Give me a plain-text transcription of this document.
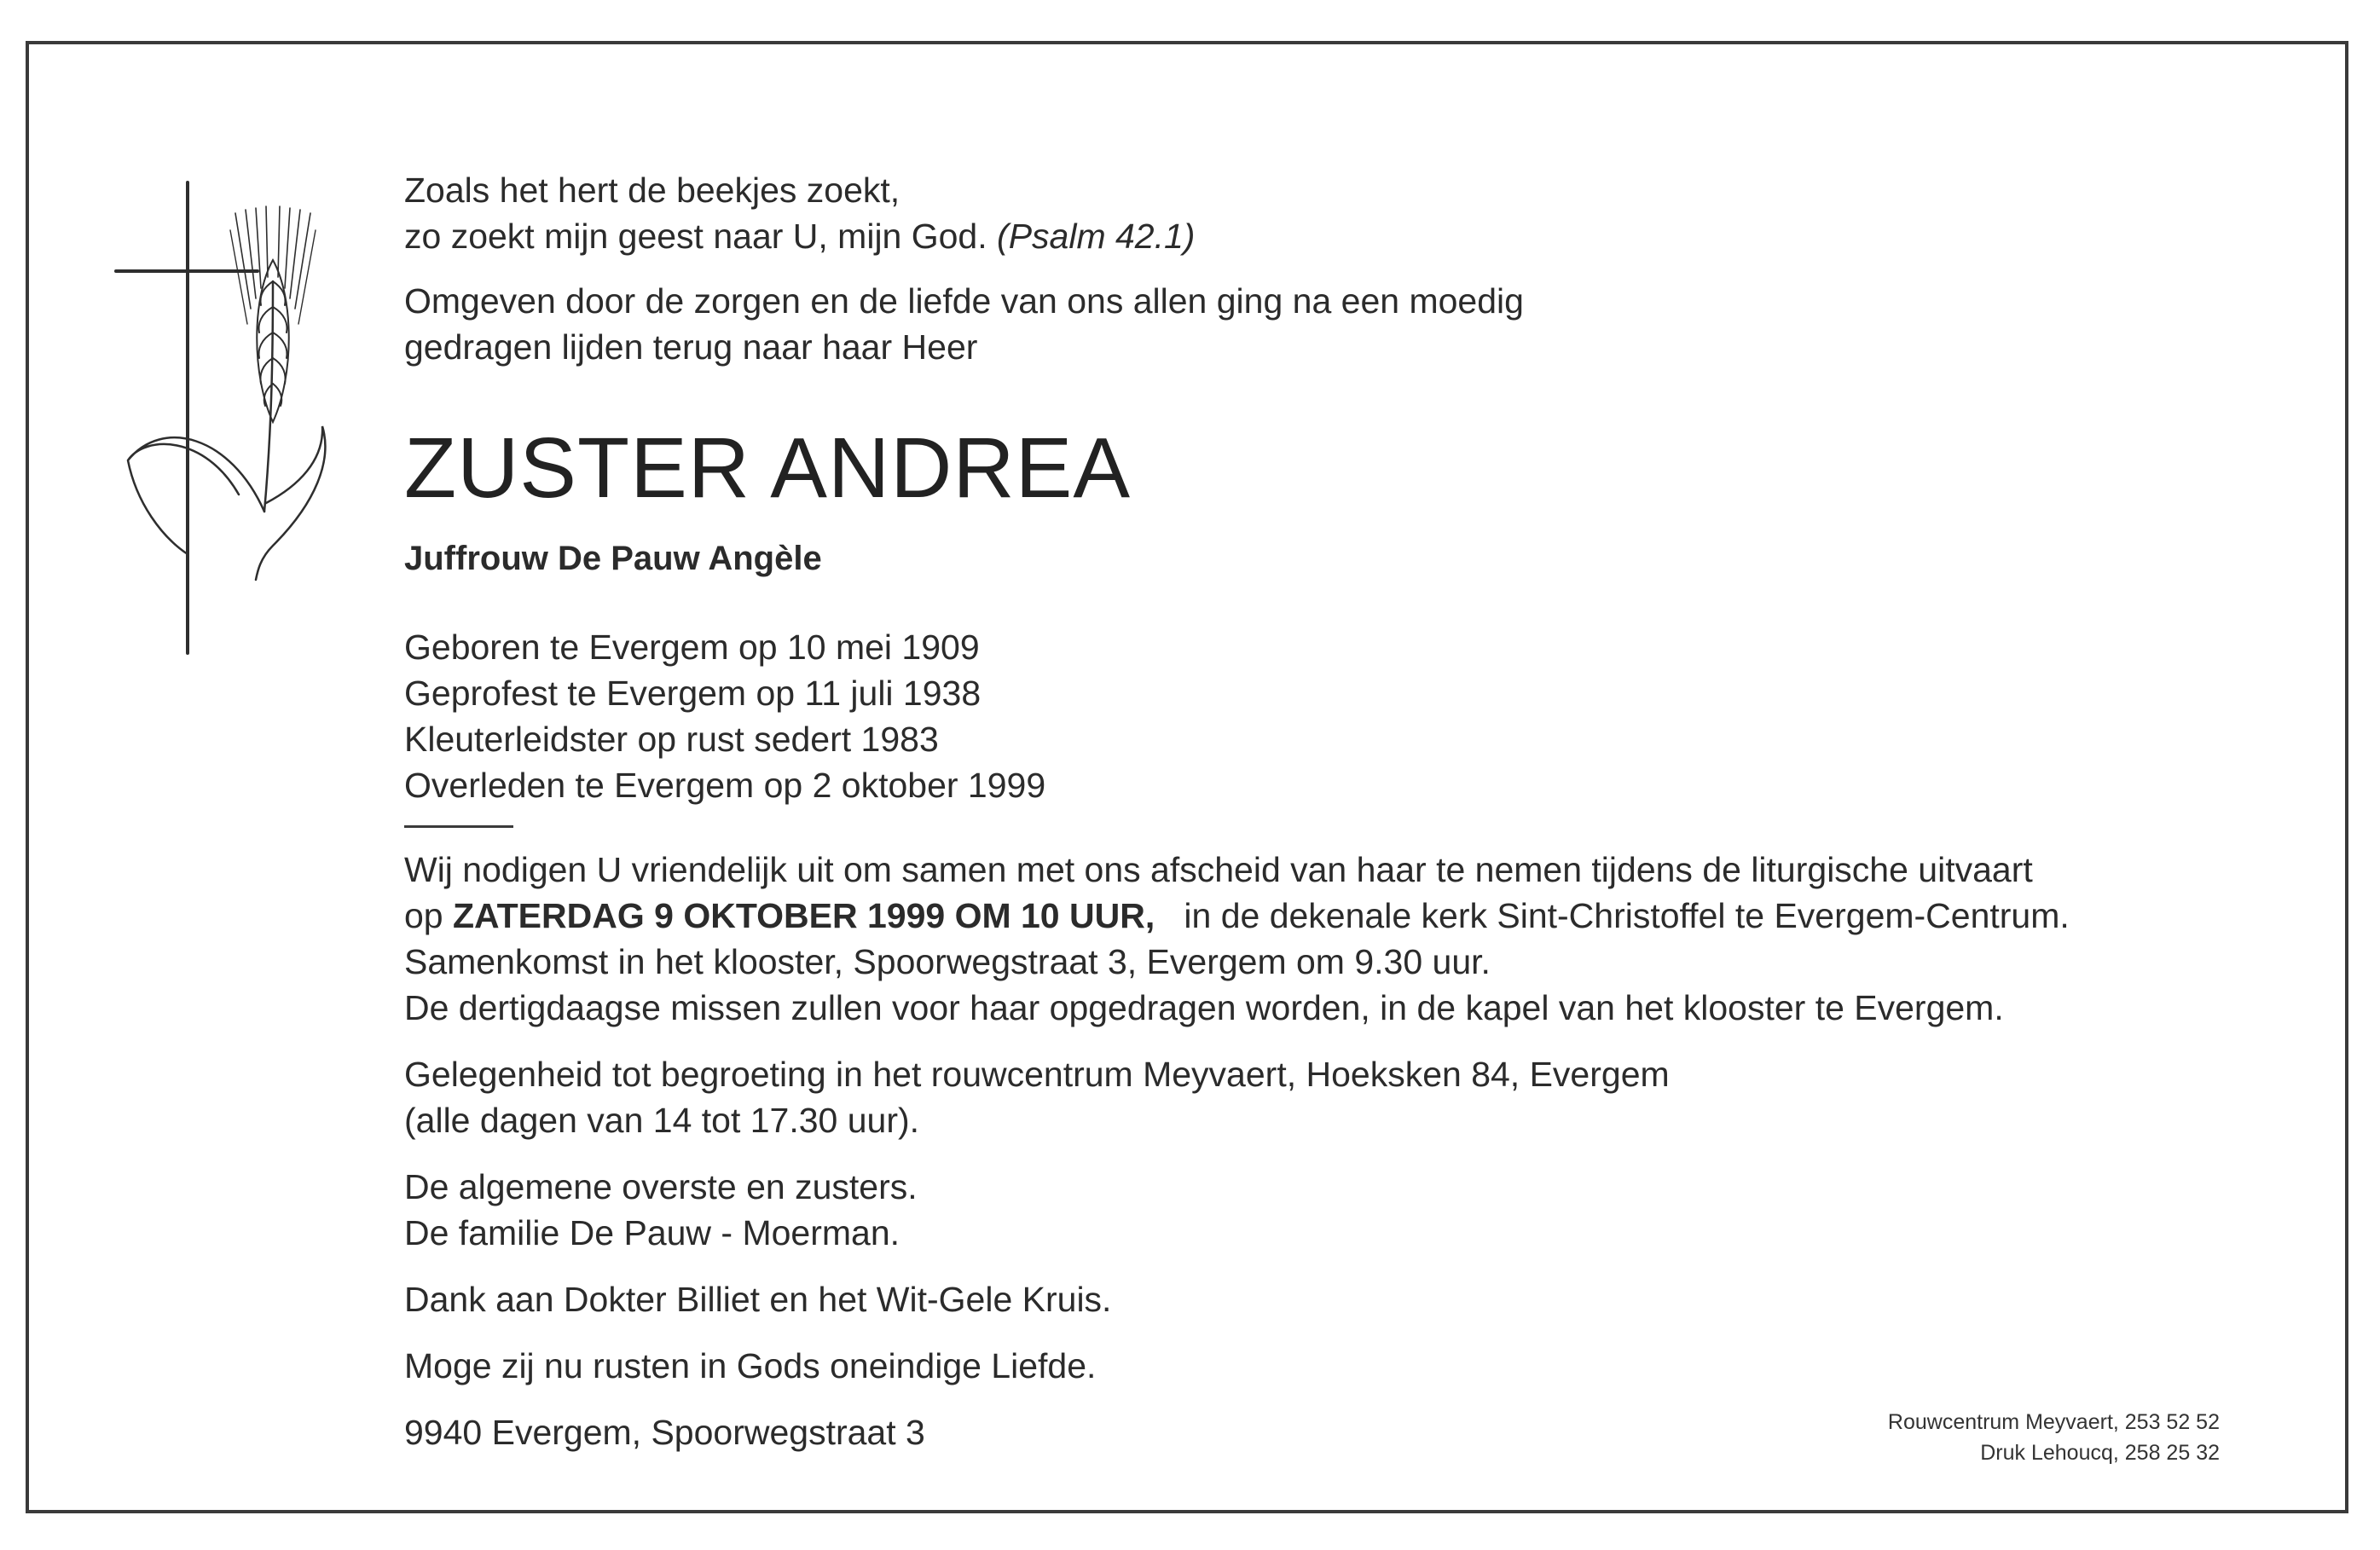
Zoals het hert de beekjes zoekt,

zo zoekt mijn geest naar U, mijn God. (Psalm 42.1)

Omgeven door de zorgen en de liefde van ons allen ging na een moedig

gedragen lijden terug naar haar Heer

ZUSTER ANDREA

Juffrouw De Pauw Angèle

Geboren te Evergem op 10 mei 1909

Geprofest te Evergem op 11 juli 1938

Kleuterleidster op rust sedert 1983

Overleden te Evergem op 2 oktober 1999

Wij nodigen U vriendelijk uit om samen met ons afscheid van haar te nemen tijdens de liturgische uitvaart

op ZATERDAG 9 OKTOBER 1999 OM 10 UUR, in de dekenale kerk Sint-Christoffel te Evergem-Centrum.

Samenkomst in het klooster, Spoorwegstraat 3, Evergem om 9.30 uur.

De dertigdaagse missen zullen voor haar opgedragen worden, in de kapel van het klooster te Evergem.

Gelegenheid tot begroeting in het rouwcentrum Meyvaert, Hoeksken 84, Evergem

(alle dagen van 14 tot 17.30 uur).

De algemene overste en zusters.

De familie De Pauw - Moerman.

Dank aan Dokter Billiet en het Wit-Gele Kruis.

Moge zij nu rusten in Gods oneindige Liefde.

9940 Evergem, Spoorwegstraat 3	Rouwcentrum Meyvaert, 253 52 52
Druk Lehoucq, 258 25 32
